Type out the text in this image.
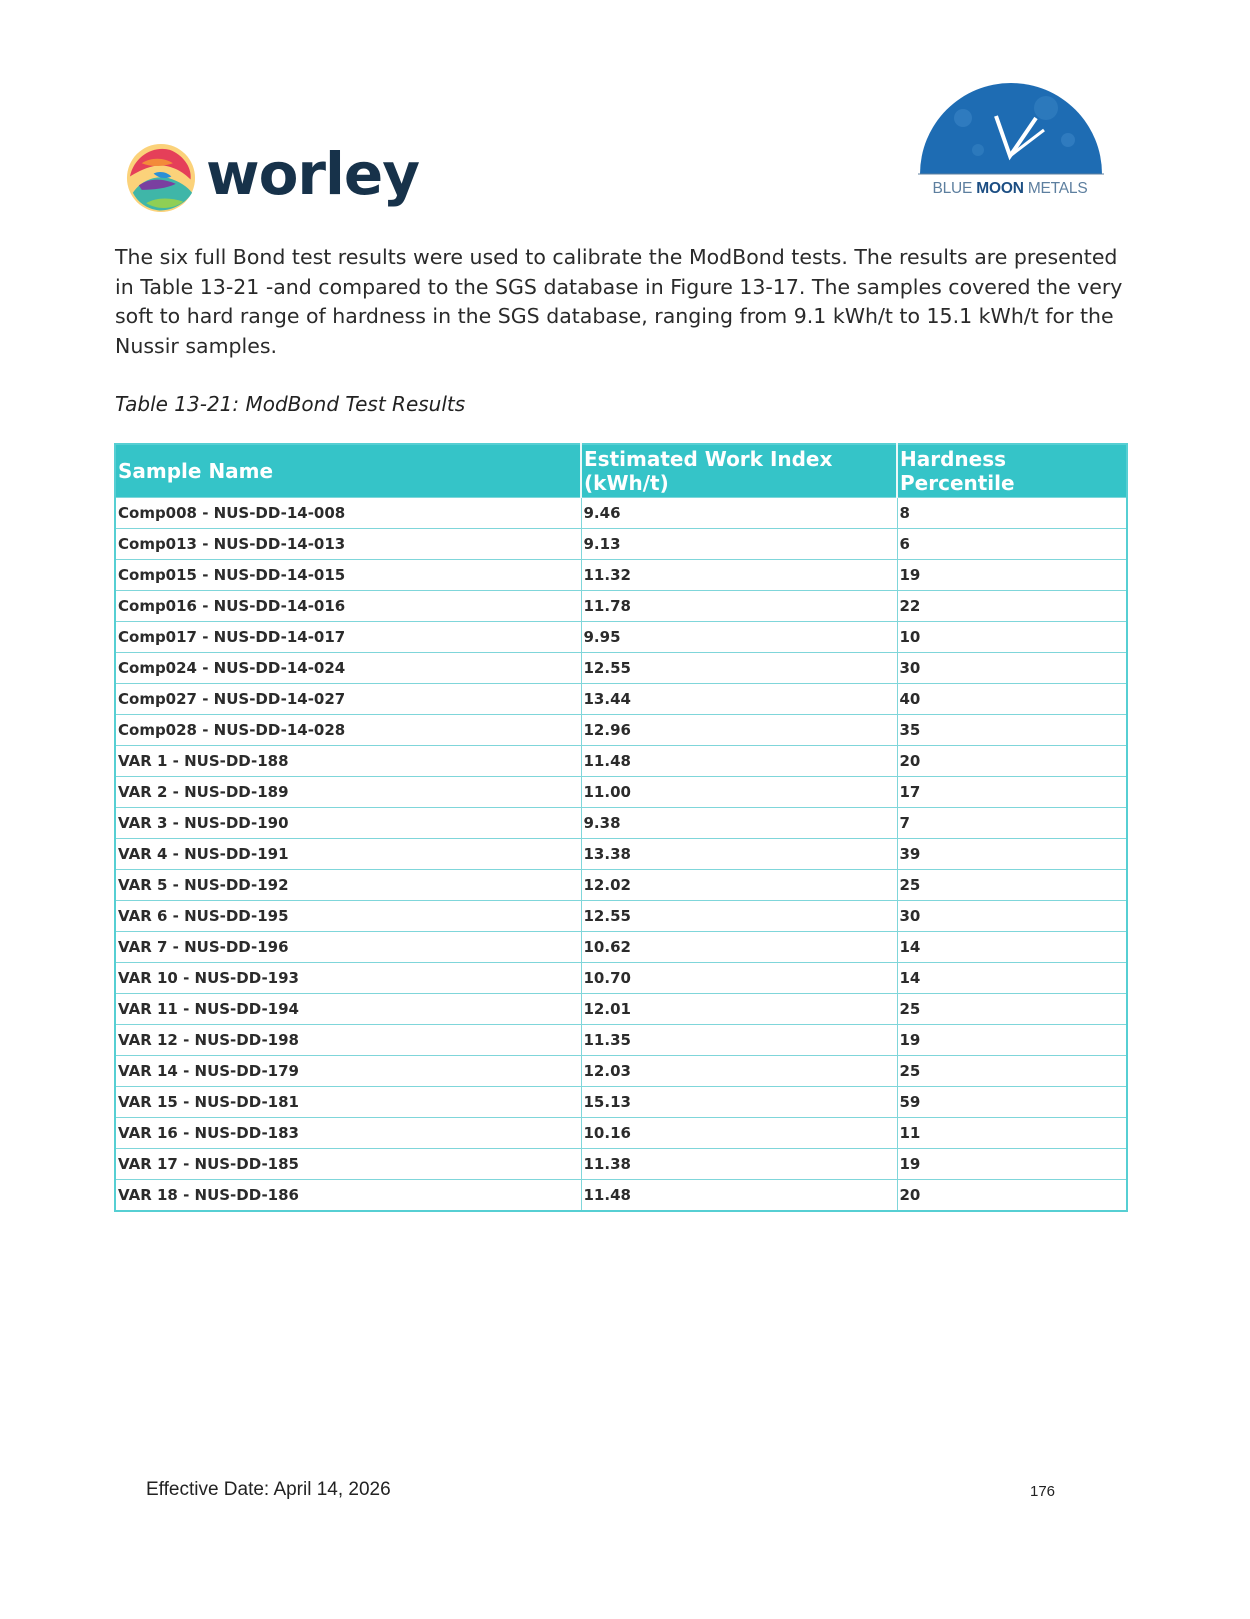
worley	BLUE MOON METALS

The six full Bond test results were used to calibrate the ModBond tests. The results are presented in Table 13-21 -and compared to the SGS database in Figure 13-17. The samples covered the very soft to hard range of hardness in the SGS database, ranging from 9.1 kWh/t to 15.1 kWh/t for the Nussir samples.

Table 13-21: ModBond Test Results

Sample Name	Estimated Work Index (kWh/t)	Hardness Percentile
Comp008 - NUS-DD-14-008	9.46	8
Comp013 - NUS-DD-14-013	9.13	6
Comp015 - NUS-DD-14-015	11.32	19
Comp016 - NUS-DD-14-016	11.78	22
Comp017 - NUS-DD-14-017	9.95	10
Comp024 - NUS-DD-14-024	12.55	30
Comp027 - NUS-DD-14-027	13.44	40
Comp028 - NUS-DD-14-028	12.96	35
VAR 1 - NUS-DD-188	11.48	20
VAR 2 - NUS-DD-189	11.00	17
VAR 3 - NUS-DD-190	9.38	7
VAR 4 - NUS-DD-191	13.38	39
VAR 5 - NUS-DD-192	12.02	25
VAR 6 - NUS-DD-195	12.55	30
VAR 7 - NUS-DD-196	10.62	14
VAR 10 - NUS-DD-193	10.70	14
VAR 11 - NUS-DD-194	12.01	25
VAR 12 - NUS-DD-198	11.35	19
VAR 14 - NUS-DD-179	12.03	25
VAR 15 - NUS-DD-181	15.13	59
VAR 16 - NUS-DD-183	10.16	11
VAR 17 - NUS-DD-185	11.38	19
VAR 18 - NUS-DD-186	11.48	20
Effective Date: April 14, 2026	176
